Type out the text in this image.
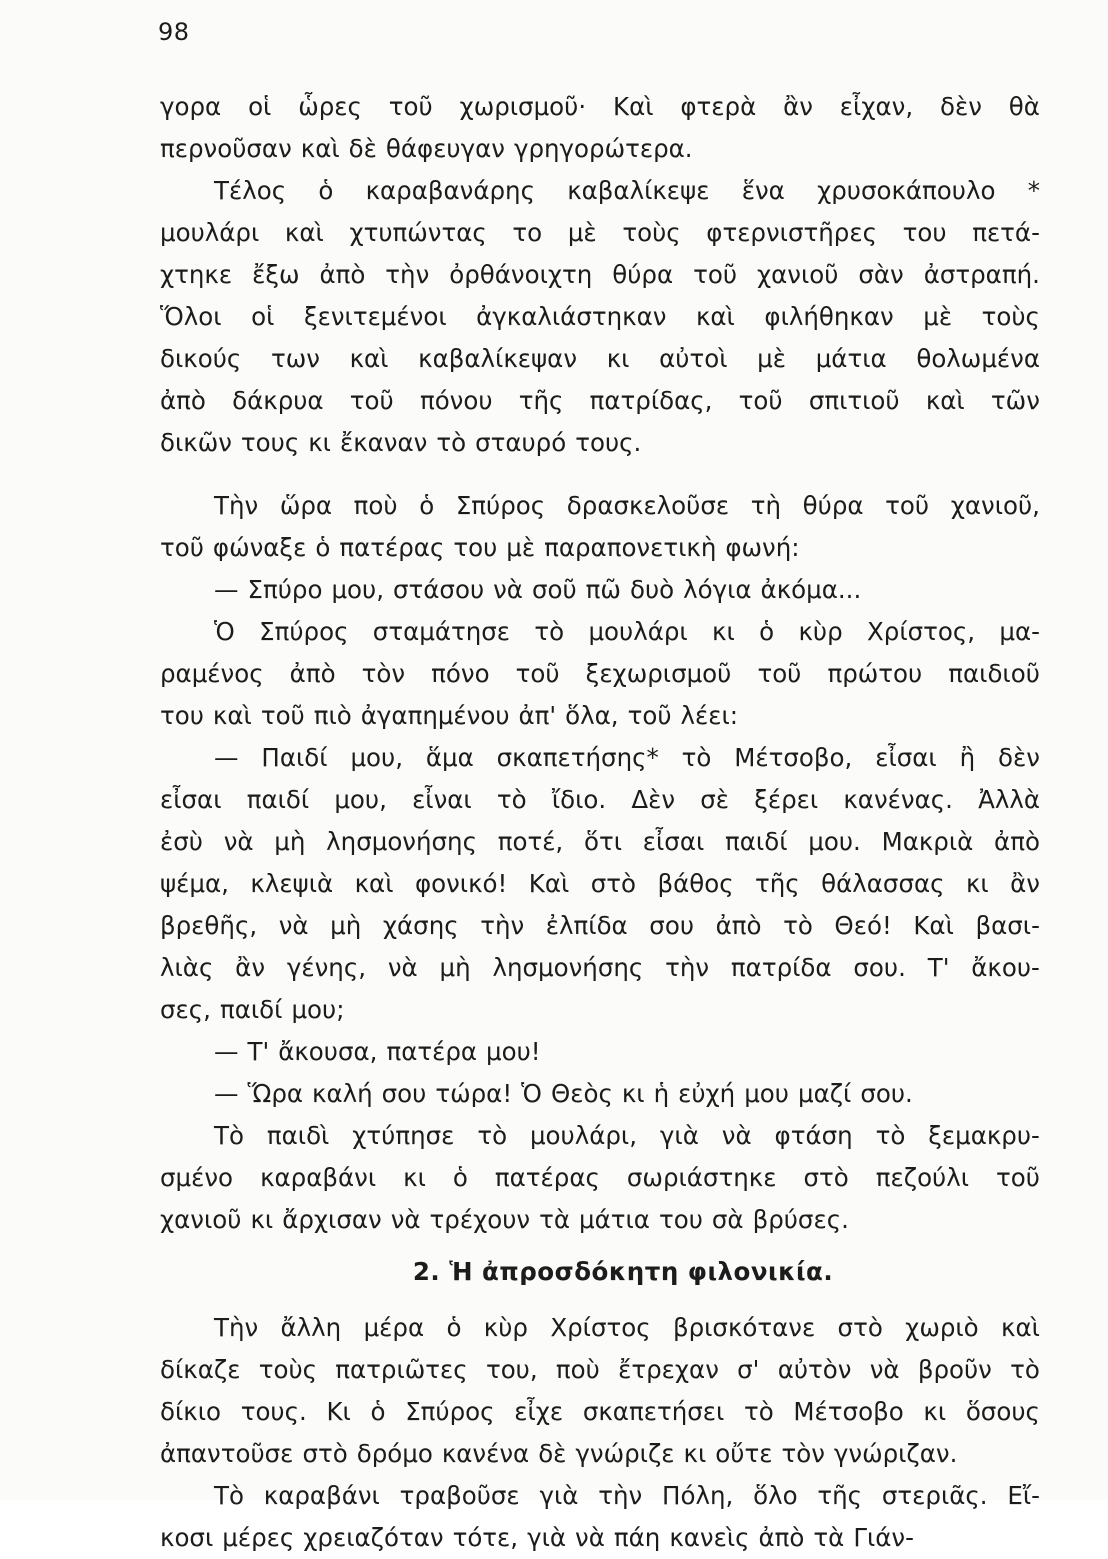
98
γορα οἱ ὧρες τοῦ χωρισμοῦ· Καὶ φτερὰ ἂν εἶχαν, δὲν θὰ
περνοῦσαν καὶ δὲ θάφευγαν γρηγορώτερα.
Τέλος ὁ καραβανάρης καβαλίκεψε ἕνα χρυσοκάπουλο *
μουλάρι καὶ χτυπώντας το μὲ τοὺς φτερνιστῆρες του πετά-
χτηκε ἔξω ἀπὸ τὴν ὀρθάνοιχτη θύρα τοῦ χανιοῦ σὰν ἀστραπή.
Ὅλοι οἱ ξενιτεμένοι ἀγκαλιάστηκαν καὶ φιλήθηκαν μὲ τοὺς
δικούς των καὶ καβαλίκεψαν κι αὐτοὶ μὲ μάτια θολωμένα
ἀπὸ δάκρυα τοῦ πόνου τῆς πατρίδας, τοῦ σπιτιοῦ καὶ τῶν
δικῶν τους κι ἔκαναν τὸ σταυρό τους.
Τὴν ὥρα ποὺ ὁ Σπύρος δρασκελοῦσε τὴ θύρα τοῦ χανιοῦ,
τοῦ φώναξε ὁ πατέρας του μὲ παραπονετικὴ φωνή:
— Σπύρο μου, στάσου νὰ σοῦ πῶ δυὸ λόγια ἀκόμα...
Ὁ Σπύρος σταμάτησε τὸ μουλάρι κι ὁ κὺρ Χρίστος, μα-
ραμένος ἀπὸ τὸν πόνο τοῦ ξεχωρισμοῦ τοῦ πρώτου παιδιοῦ
του καὶ τοῦ πιὸ ἀγαπημένου ἀπ' ὅλα, τοῦ λέει:
— Παιδί μου, ἅμα σκαπετήσης* τὸ Μέτσοβο, εἶσαι ἢ δὲν
εἶσαι παιδί μου, εἶναι τὸ ἴδιο. Δὲν σὲ ξέρει κανένας. Ἀλλὰ
ἐσὺ νὰ μὴ λησμονήσης ποτέ, ὅτι εἶσαι παιδί μου. Μακριὰ ἀπὸ
ψέμα, κλεψιὰ καὶ φονικό! Καὶ στὸ βάθος τῆς θάλασσας κι ἂν
βρεθῆς, νὰ μὴ χάσης τὴν ἐλπίδα σου ἀπὸ τὸ Θεό! Καὶ βασι-
λιὰς ἂν γένης, νὰ μὴ λησμονήσης τὴν πατρίδα σου. Τ' ἄκου-
σες, παιδί μου;
— Τ' ἄκουσα, πατέρα μου!
— Ὥρα καλή σου τώρα! Ὁ Θεὸς κι ἡ εὐχή μου μαζί σου.
Τὸ παιδὶ χτύπησε τὸ μουλάρι, γιὰ νὰ φτάση τὸ ξεμακρυ-
σμένο καραβάνι κι ὁ πατέρας σωριάστηκε στὸ πεζούλι τοῦ
χανιοῦ κι ἄρχισαν νὰ τρέχουν τὰ μάτια του σὰ βρύσες.
2. Ἡ ἀπροσδόκητη φιλονικία.
Τὴν ἄλλη μέρα ὁ κὺρ Χρίστος βρισκότανε στὸ χωριὸ καὶ
δίκαζε τοὺς πατριῶτες του, ποὺ ἔτρεχαν σ' αὐτὸν νὰ βροῦν τὸ
δίκιο τους. Κι ὁ Σπύρος εἶχε σκαπετήσει τὸ Μέτσοβο κι ὅσους
ἀπαντοῦσε στὸ δρόμο κανένα δὲ γνώριζε κι οὔτε τὸν γνώριζαν.
Τὸ καραβάνι τραβοῦσε γιὰ τὴν Πόλη, ὅλο τῆς στεριᾶς. Εἴ-
κοσι μέρες χρειαζόταν τότε, γιὰ νὰ πάη κανεὶς ἀπὸ τὰ Γιάν-
